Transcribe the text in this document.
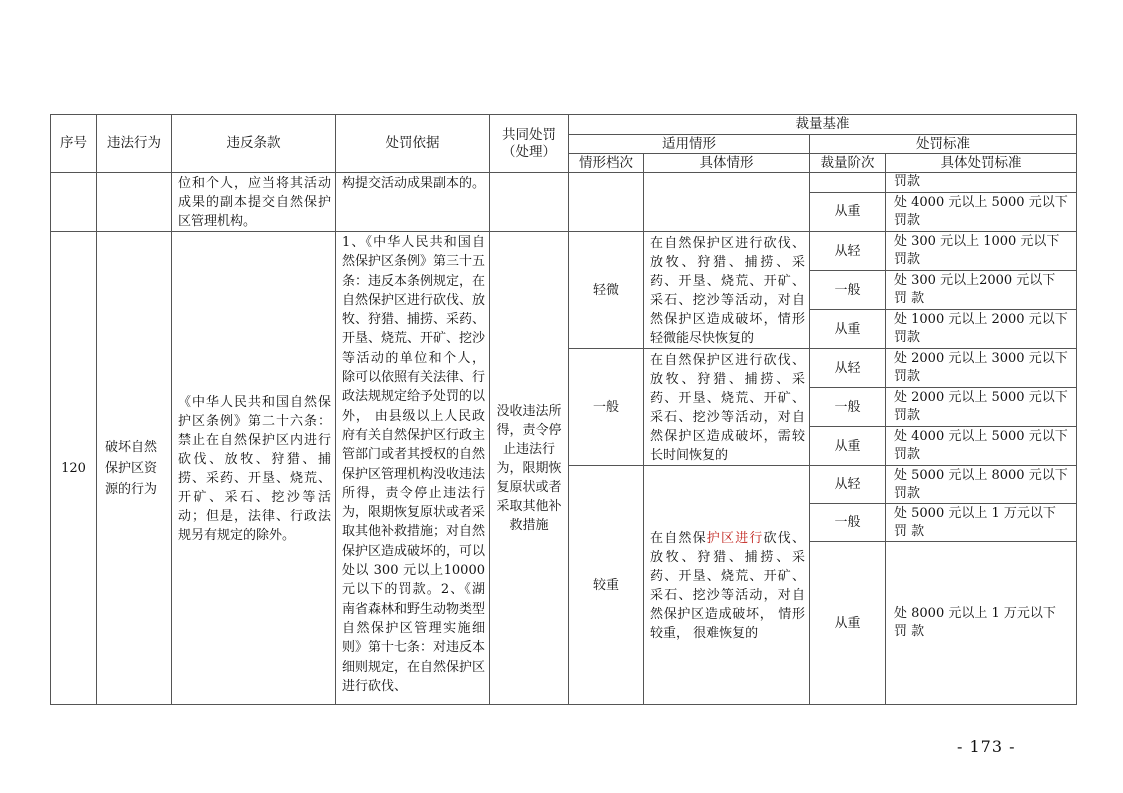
序号	违法行为	违反条款	处罚依据	共同处罚（处理）	裁量基准			
					适用情形		处罚标准	
					情形档次	具体情形	裁量阶次	具体处罚标准
		位和个人，应当将其活动成果的副本提交自然保护区管理机构。	构提交活动成果副本的。					罚款
							从重	处 4000 元以上 5000 元以下 罚款
120	破坏自然保护区资源的行为	《中华人民共和国自然保护区条例》第二十六条：禁止在自然保护区内进行砍伐、放牧、狩猎、捕捞、采药、开垦、烧荒、开矿、采石、挖沙等活动；但是，法律、行政法规另有规定的除外。	1、《中华人民共和国自然保护区条例》第三十五条：违反本条例规定，在自然保护区进行砍伐、放牧、狩猎、捕捞、采药、开垦、烧荒、开矿、挖沙等活动的单位和个人， 除可以依照有关法律、行政法规规定给予处罚的以外， 由县级以上人民政府有关自然保护区行政主管部门或者其授权的自然保护区管理机构没收违法所得，责令停止违法行为，限期恢复原状或者采取其他补救措施；对自然保护区造成破坏的，可以处以 300 元以上10000 元以下的罚款。2、《湖南省森林和野生动物类型自然保护区管理实施细则》第十七条：对违反本细则规定，在自然保护区进行砍伐、	没收违法所得，责令停止违法行为，限期恢复原状或者采取其他补救措施	轻微	在自然保护区进行砍伐、放牧、狩猎、捕捞、采药、开垦、烧荒、开矿、采石、挖沙等活动，对自然保护区造成破坏，情形轻微能尽快恢复的	从轻	处 300 元以上 1000 元以下 罚款
							一般	处 300 元以上2000 元以下 罚 款
							从重	处 1000 元以上 2000 元以下 罚款
					一般	在自然保护区进行砍伐、放牧、狩猎、捕捞、采药、开垦、烧荒、开矿、采石、挖沙等活动，对自然保护区造成破坏，需较长时间恢复的	从轻	处 2000 元以上 3000 元以下 罚款
							一般	处 2000 元以上 5000 元以下 罚款
							从重	处 4000 元以上 5000 元以下 罚款
					较重	在自然保护区进行砍伐、放牧、狩猎、捕捞、采药、开垦、烧荒、开矿、采石、挖沙等活动，对自然保护区造成破坏， 情形较重， 很难恢复的	从轻	处 5000 元以上 8000 元以下 罚款
							一般	处 5000 元以上 1 万元以下 罚 款
							从重	处 8000 元以上 1 万元以下 罚 款
- 173 -
